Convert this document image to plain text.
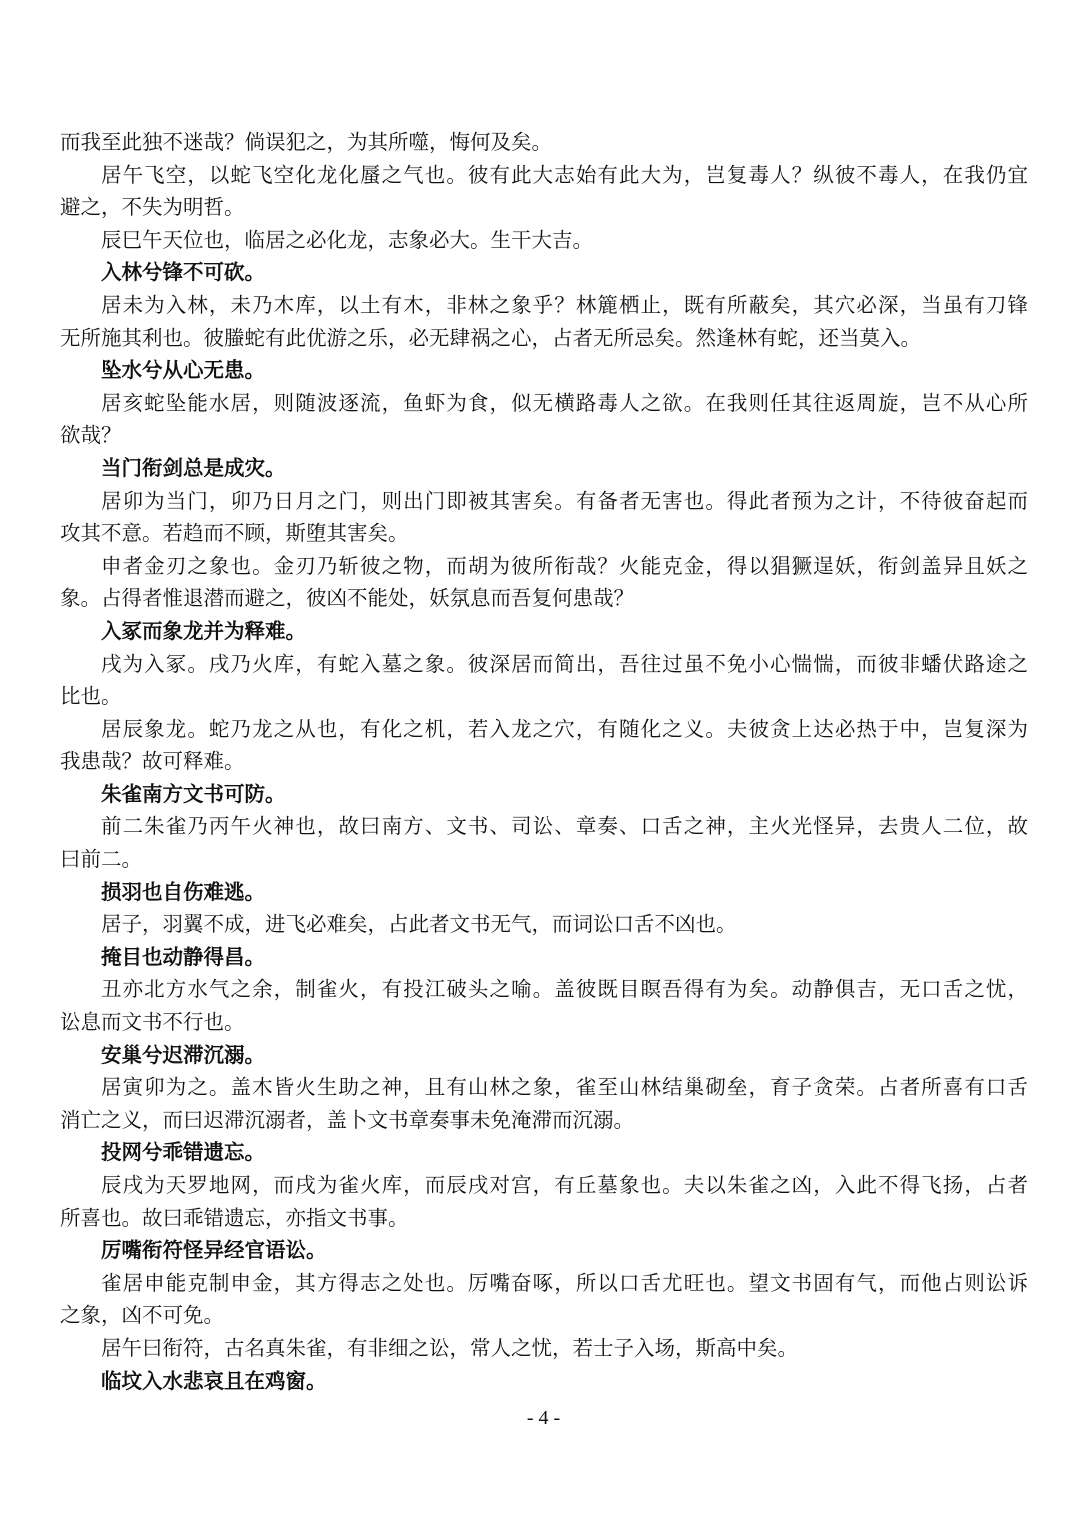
而我至此独不迷哉？倘误犯之，为其所噬，悔何及矣。

居午飞空，以蛇飞空化龙化蜃之气也。彼有此大志始有此大为，岂复毒人？纵彼不毒人，在我仍宜

避之，不失为明哲。

辰巳午天位也，临居之必化龙，志象必大。生干大吉。

入林兮锋不可砍。

居未为入林，未乃木库，以土有木，非林之象乎？林簏栖止，既有所蔽矣，其穴必深，当虽有刀锋

无所施其利也。彼螣蛇有此优游之乐，必无肆祸之心，占者无所忌矣。然逢林有蛇，还当莫入。

坠水兮从心无患。

居亥蛇坠能水居，则随波逐流，鱼虾为食，似无横路毒人之欲。在我则任其往返周旋，岂不从心所

欲哉？

当门衔剑总是成灾。

居卯为当门，卯乃日月之门，则出门即被其害矣。有备者无害也。得此者预为之计，不待彼奋起而

攻其不意。若趋而不顾，斯堕其害矣。

申者金刃之象也。金刃乃斩彼之物，而胡为彼所衔哉？火能克金，得以猖獗逞妖，衔剑盖异且妖之

象。占得者惟退潜而避之，彼凶不能处，妖氛息而吾复何患哉？

入冢而象龙并为释难。

戌为入冢。戌乃火库，有蛇入墓之象。彼深居而简出，吾往过虽不免小心惴惴，而彼非蟠伏路途之

比也。

居辰象龙。蛇乃龙之从也，有化之机，若入龙之穴，有随化之义。夫彼贪上达必热于中，岂复深为

我患哉？故可释难。

朱雀南方文书可防。

前二朱雀乃丙午火神也，故曰南方、文书、司讼、章奏、口舌之神，主火光怪异，去贵人二位，故

曰前二。

损羽也自伤难逃。

居子，羽翼不成，进飞必难矣，占此者文书无气，而词讼口舌不凶也。

掩目也动静得昌。

丑亦北方水气之余，制雀火，有投江破头之喻。盖彼既目瞑吾得有为矣。动静俱吉，无口舌之忧，

讼息而文书不行也。

安巢兮迟滞沉溺。

居寅卯为之。盖木皆火生助之神，且有山林之象，雀至山林结巢砌垒，育子贪荣。占者所喜有口舌

消亡之义，而曰迟滞沉溺者，盖卜文书章奏事未免淹滞而沉溺。

投网兮乖错遗忘。

辰戌为天罗地网，而戌为雀火库，而辰戌对宫，有丘墓象也。夫以朱雀之凶，入此不得飞扬，占者

所喜也。故曰乖错遗忘，亦指文书事。

厉嘴衔符怪异经官语讼。

雀居申能克制申金，其方得志之处也。厉嘴奋啄，所以口舌尤旺也。望文书固有气，而他占则讼诉

之象，凶不可免。

居午曰衔符，古名真朱雀，有非细之讼，常人之忧，若士子入场，斯高中矣。

临坟入水悲哀且在鸡窗。

- 4 -
